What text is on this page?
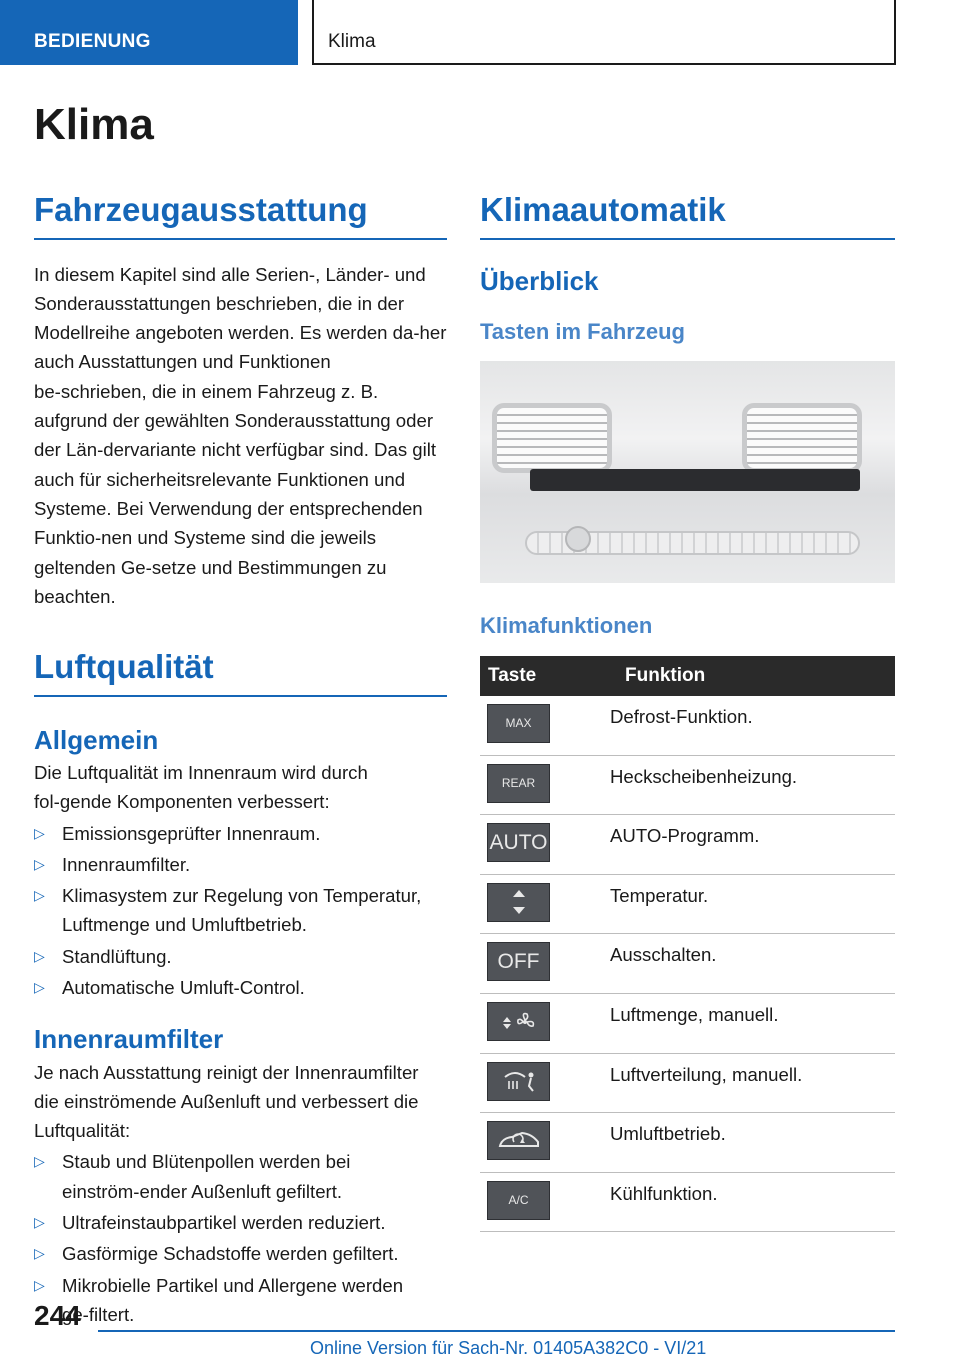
BEDIENUNG	Klima
Klima
Fahrzeugausstattung

In diesem Kapitel sind alle Serien-, Länder- und Sonderausstattungen beschrieben, die in der Modellreihe angeboten werden. Es werden da‑her auch Ausstattungen und Funktionen be‑schrieben, die in einem Fahrzeug z. B. aufgrund der gewählten Sonderausstattung oder der Län‑dervariante nicht verfügbar sind. Das gilt auch für sicherheitsrelevante Funktionen und Systeme. Bei Verwendung der entsprechenden Funktio‑nen und Systeme sind die jeweils geltenden Ge‑setze und Bestimmungen zu beachten.

Luftqualität
Allgemein

Die Luftqualität im Innenraum wird durch fol‑gende Komponenten verbessert:

▷ Emissionsgeprüfter Innenraum.
▷ Innenraumfilter.
▷ Klimasystem zur Regelung von Temperatur, Luftmenge und Umluftbetrieb.
▷ Standlüftung.
▷ Automatische Umluft-Control.
Innenraumfilter

Je nach Ausstattung reinigt der Innenraumfilter die einströmende Außenluft und verbessert die Luftqualität:

▷ Staub und Blütenpollen werden bei einström‑ender Außenluft gefiltert.
▷ Ultrafeinstaubpartikel werden reduziert.
▷ Gasförmige Schadstoffe werden gefiltert.
▷ Mikrobielle Partikel und Allergene werden ge‑filtert.
Klimaautomatik
Überblick
Tasten im Fahrzeug
Klimafunktionen
Taste	Funktion

MAX	Defrost-Funktion.

REAR	Heckscheibenheizung.

AUTO	AUTO-Programm.

	Temperatur.

OFF	Ausschalten.

	Luftmenge, manuell.

	Luftverteilung, manuell.

	Umluftbetrieb.

A/C	Kühlfunktion.
244
Online Version für Sach-Nr. 01405A382C0 - VI/21
